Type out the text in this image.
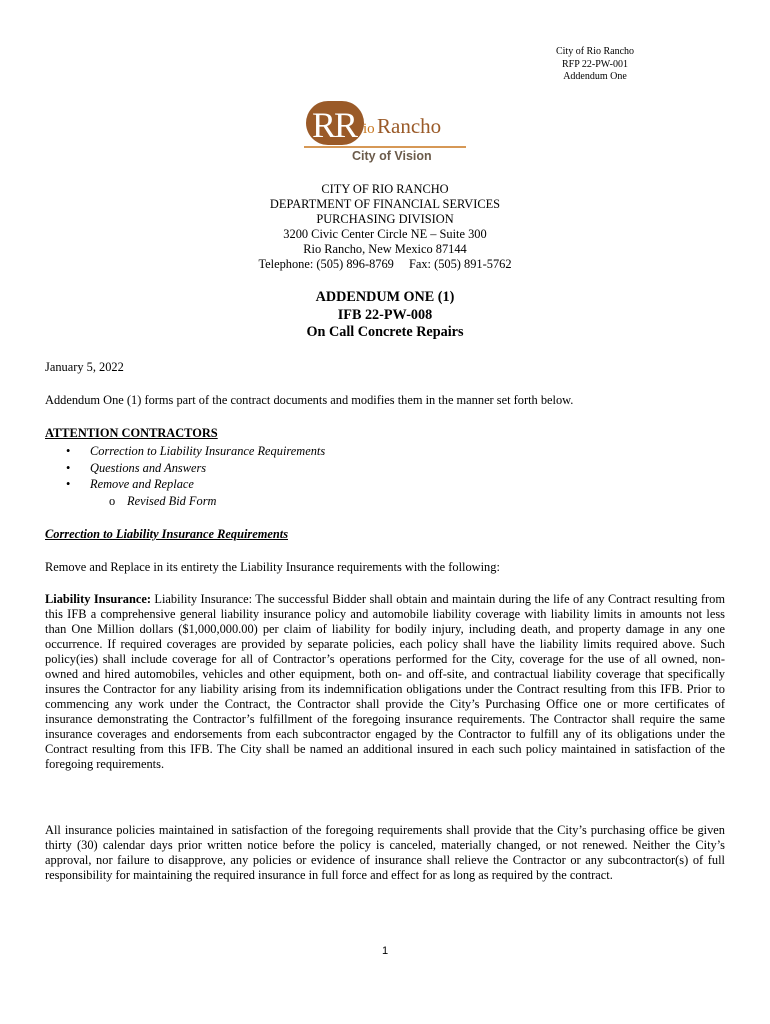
City of Rio Rancho
RFP 22-PW-001
Addendum One
R
R io Rancho
City of Vision
CITY OF RIO RANCHO
DEPARTMENT OF FINANCIAL SERVICES
PURCHASING DIVISION
3200 Civic Center Circle NE – Suite 300
Rio Rancho, New Mexico 87144
Telephone: (505) 896-8769 Fax: (505) 891-5762
ADDENDUM ONE (1)
IFB 22-PW-008
On Call Concrete Repairs
January 5, 2022
Addendum One (1) forms part of the contract documents and modifies them in the manner set forth below.
ATTENTION CONTRACTORS
• Correction to Liability Insurance Requirements
• Questions and Answers
• Remove and Replace
o Revised Bid Form
Correction to Liability Insurance Requirements
Remove and Replace in its entirety the Liability Insurance requirements with the following:
Liability Insurance: Liability Insurance: The successful Bidder shall obtain and maintain during the life of any Contract resulting from this IFB a comprehensive general liability insurance policy and automobile liability coverage with liability limits in amounts not less than One Million dollars ($1,000,000.00) per claim of liability for bodily injury, including death, and property damage in any one occurrence. If required coverages are provided by separate policies, each policy shall have the liability limits required above. Such policy(ies) shall include coverage for all of Contractor’s operations performed for the City, coverage for the use of all owned, non-owned and hired automobiles, vehicles and other equipment, both on- and off-site, and contractual liability coverage that specifically insures the Contractor for any liability arising from its indemnification obligations under the Contract resulting from this IFB. Prior to commencing any work under the Contract, the Contractor shall provide the City’s Purchasing Office one or more certificates of insurance demonstrating the Contractor’s fulfillment of the foregoing insurance requirements. The Contractor shall require the same insurance coverages and endorsements from each subcontractor engaged by the Contractor to fulfill any of its obligations under the Contract resulting from this IFB. The City shall be named an additional insured in each such policy maintained in satisfaction of the foregoing requirements.
All insurance policies maintained in satisfaction of the foregoing requirements shall provide that the City’s purchasing office be given thirty (30) calendar days prior written notice before the policy is canceled, materially changed, or not renewed. Neither the City’s approval, nor failure to disapprove, any policies or evidence of insurance shall relieve the Contractor or any subcontractor(s) of full responsibility for maintaining the required insurance in full force and effect for as long as required by the contract.
1
